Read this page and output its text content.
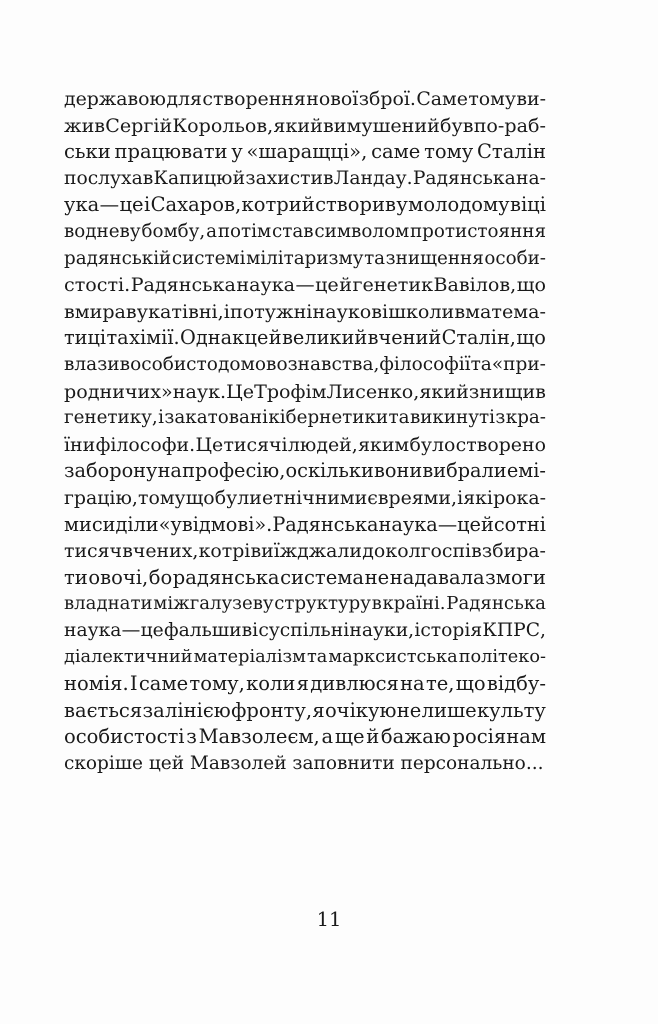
державою для створення нової зброї. Саме тому ви-
жив Сергій Корольов, який вимушений був по-раб-
ськи працювати у «шаращці», саме тому Сталін
послухав Капицю й захистив Ландау. Радянська на-
ука — це і Сахаров, котрий створив у молодому віці
водневу бомбу, а потім став символом протистояння
радянській системі мілітаризму та знищення особи-
стості. Радянська наука — це й генетик Вавілов, що
вмирав у катівні, і потужні наукові школи в матема-
тиці та хімії. Однак це й великий вчений Сталін, що
влазив особисто до мовознавства, філософії та «при-
родничих» наук. Це Трофім Лисенко, який знищив
генетику, і закатовані кібернетики та викинуті з кра-
їни філософи. Це тисячі людей, яким було створено
заборону на професію, оскільки вони вибрали емі-
грацію, тому що були етнічними євреями, і які рока-
ми сиділи «у відмові». Радянська наука — це й сотні
тисяч вчених, котрі виїжджали до колгоспів збира-
ти овочі, бо радянська система не надавала змоги
владнати міжгалузеву структуру в країні. Радянська
наука — це фальшиві суспільні науки, історія КПРС,
діалектичний матеріалізм та марксистська політеко-
номія. І саме тому, коли я дивлюся на те, що відбу-
вається за лінією фронту, я очікую не лише культу
особистості з Мавзолеєм, а ще й бажаю росіянам
скоріше цей Мавзолей заповнити персонально...
11
